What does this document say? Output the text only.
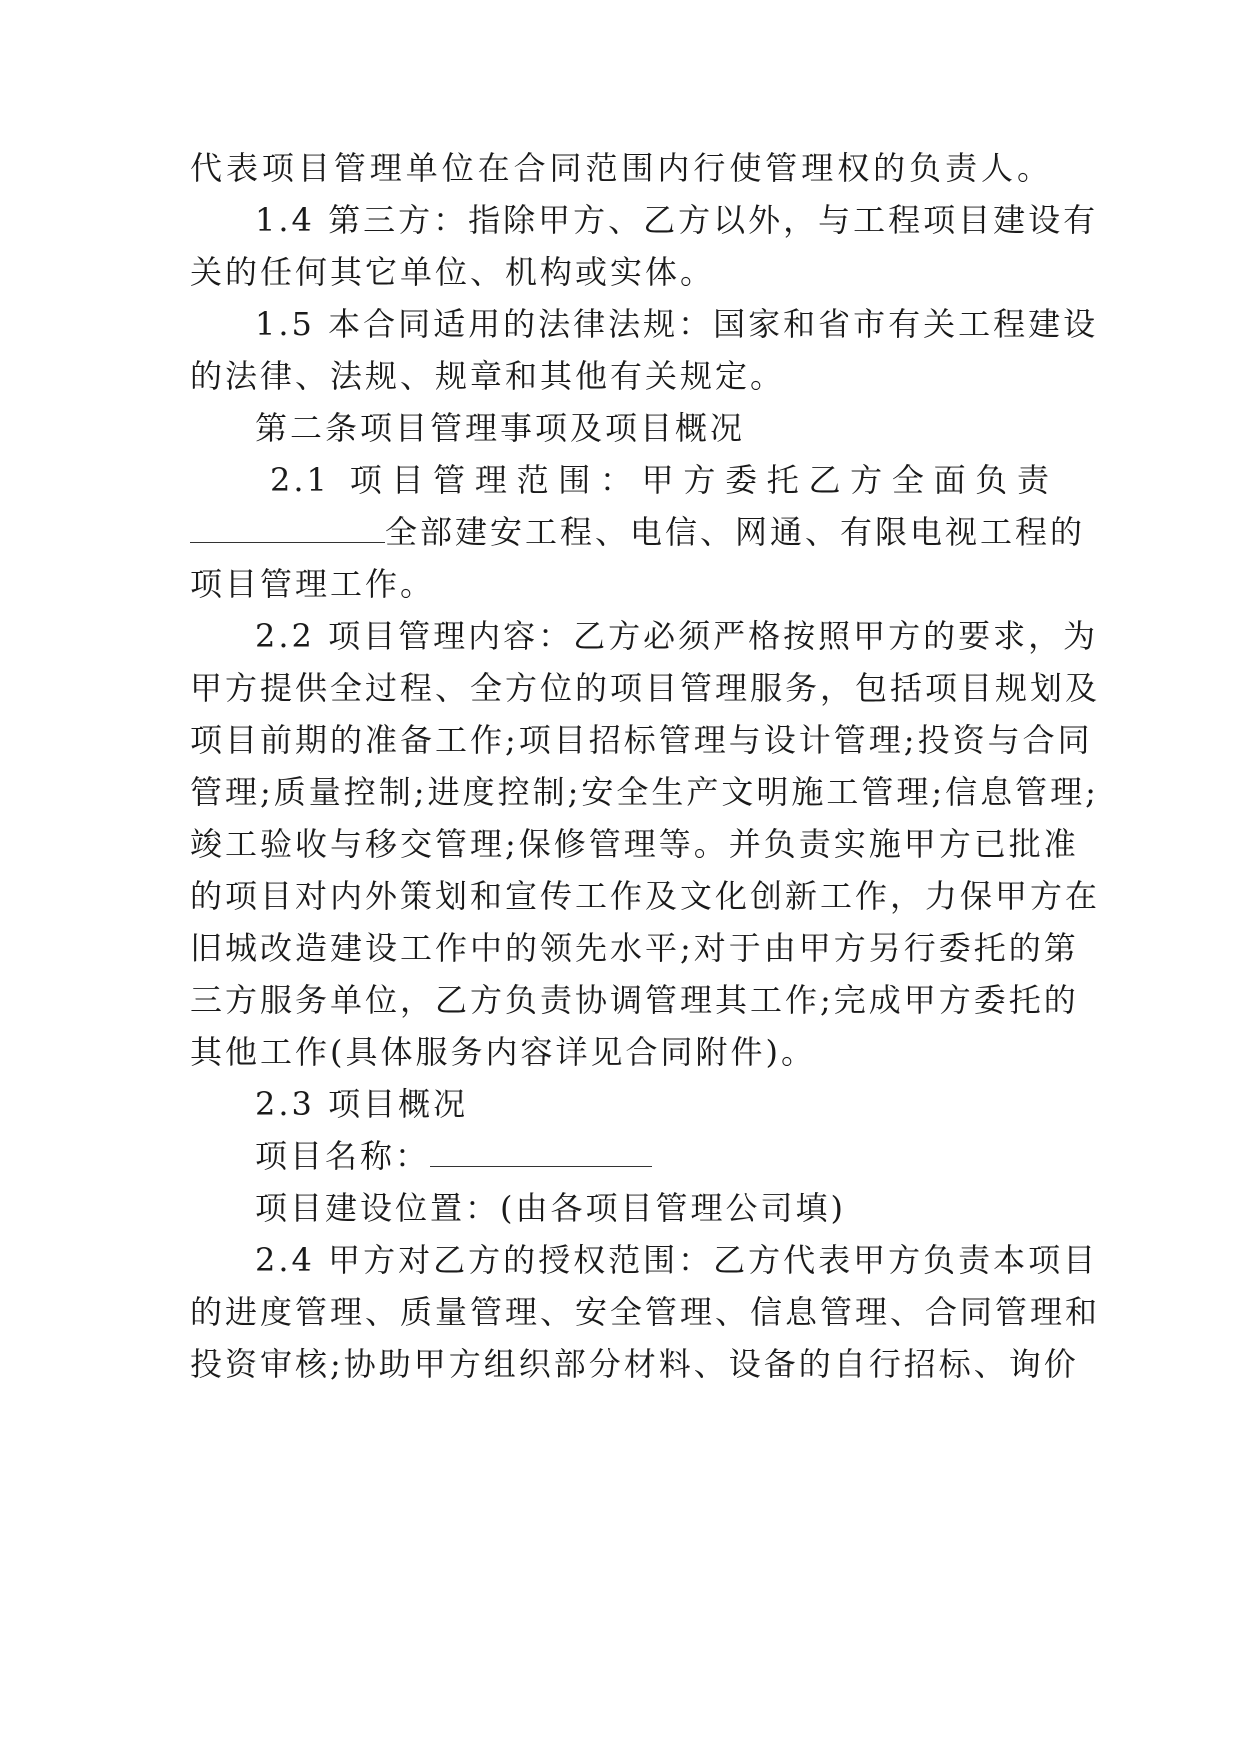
代表项目管理单位在合同范围内行使管理权的负责人。
1.4 第三方：指除甲方、乙方以外，与工程项目建设有
关的任何其它单位、机构或实体。
1.5 本合同适用的法律法规：国家和省市有关工程建设
的法律、法规、规章和其他有关规定。
第二条项目管理事项及项目概况
2.1 项目管理范围：甲方委托乙方全面负责
全部建安工程、电信、网通、有限电视工程的
项目管理工作。
2.2 项目管理内容：乙方必须严格按照甲方的要求，为
甲方提供全过程、全方位的项目管理服务，包括项目规划及
项目前期的准备工作;项目招标管理与设计管理;投资与合同
管理;质量控制;进度控制;安全生产文明施工管理;信息管理;
竣工验收与移交管理;保修管理等。并负责实施甲方已批准
的项目对内外策划和宣传工作及文化创新工作，力保甲方在
旧城改造建设工作中的领先水平;对于由甲方另行委托的第
三方服务单位，乙方负责协调管理其工作;完成甲方委托的
其他工作(具体服务内容详见合同附件)。
2.3 项目概况
项目名称：
项目建设位置：(由各项目管理公司填)
2.4 甲方对乙方的授权范围：乙方代表甲方负责本项目
的进度管理、质量管理、安全管理、信息管理、合同管理和
投资审核;协助甲方组织部分材料、设备的自行招标、询价
